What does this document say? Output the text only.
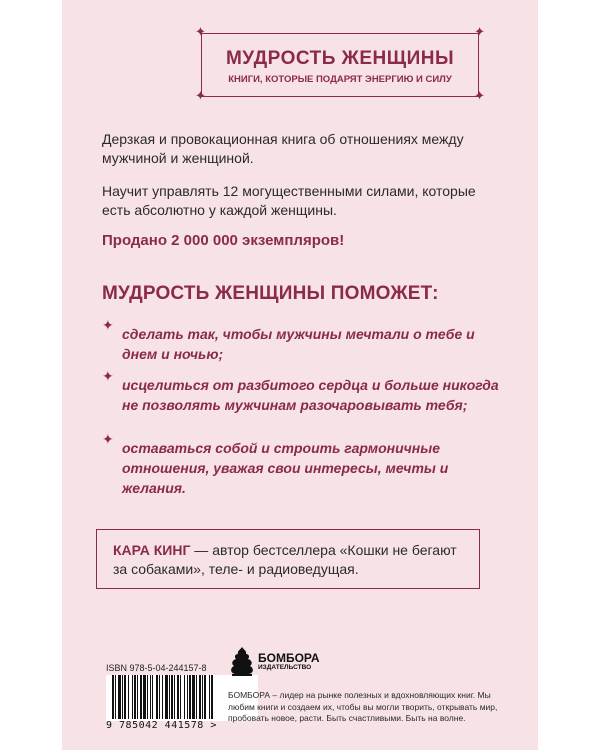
✦	✦
✦	✦
МУДРОСТЬ ЖЕНЩИНЫ
КНИГИ, КОТОРЫЕ ПОДАРЯТ ЭНЕРГИЮ И СИЛУ

Дерзкая и провокационная книга об отношениях между мужчиной и женщиной.

Научит управлять 12 могущественными силами, которые есть абсолютно у каждой женщины.

Продано 2 000 000 экземпляров!
МУДРОСТЬ ЖЕНЩИНЫ ПОМОЖЕТ:
✦ сделать так, чтобы мужчины мечтали о тебе и днем и ночью;
✦ исцелиться от разбитого сердца и больше никогда не позволять мужчинам разочаровывать тебя;
✦ оставаться собой и строить гармоничные отношения, уважая свои интересы, мечты и желания.
КАРА КИНГ — автор бестселлера «Кошки не бегают за собаками», теле- и радиоведущая.
ISBN 978-5-04-244157-8
9 785042 441578 >
БОМБОРА
ИЗДАТЕЛЬСТВО
БОМБОРА – лидер на рынке полезных и вдохновляющих книг. Мы любим книги и создаем их, чтобы вы могли творить, открывать мир, пробовать новое, расти. Быть счастливыми. Быть на волне.
